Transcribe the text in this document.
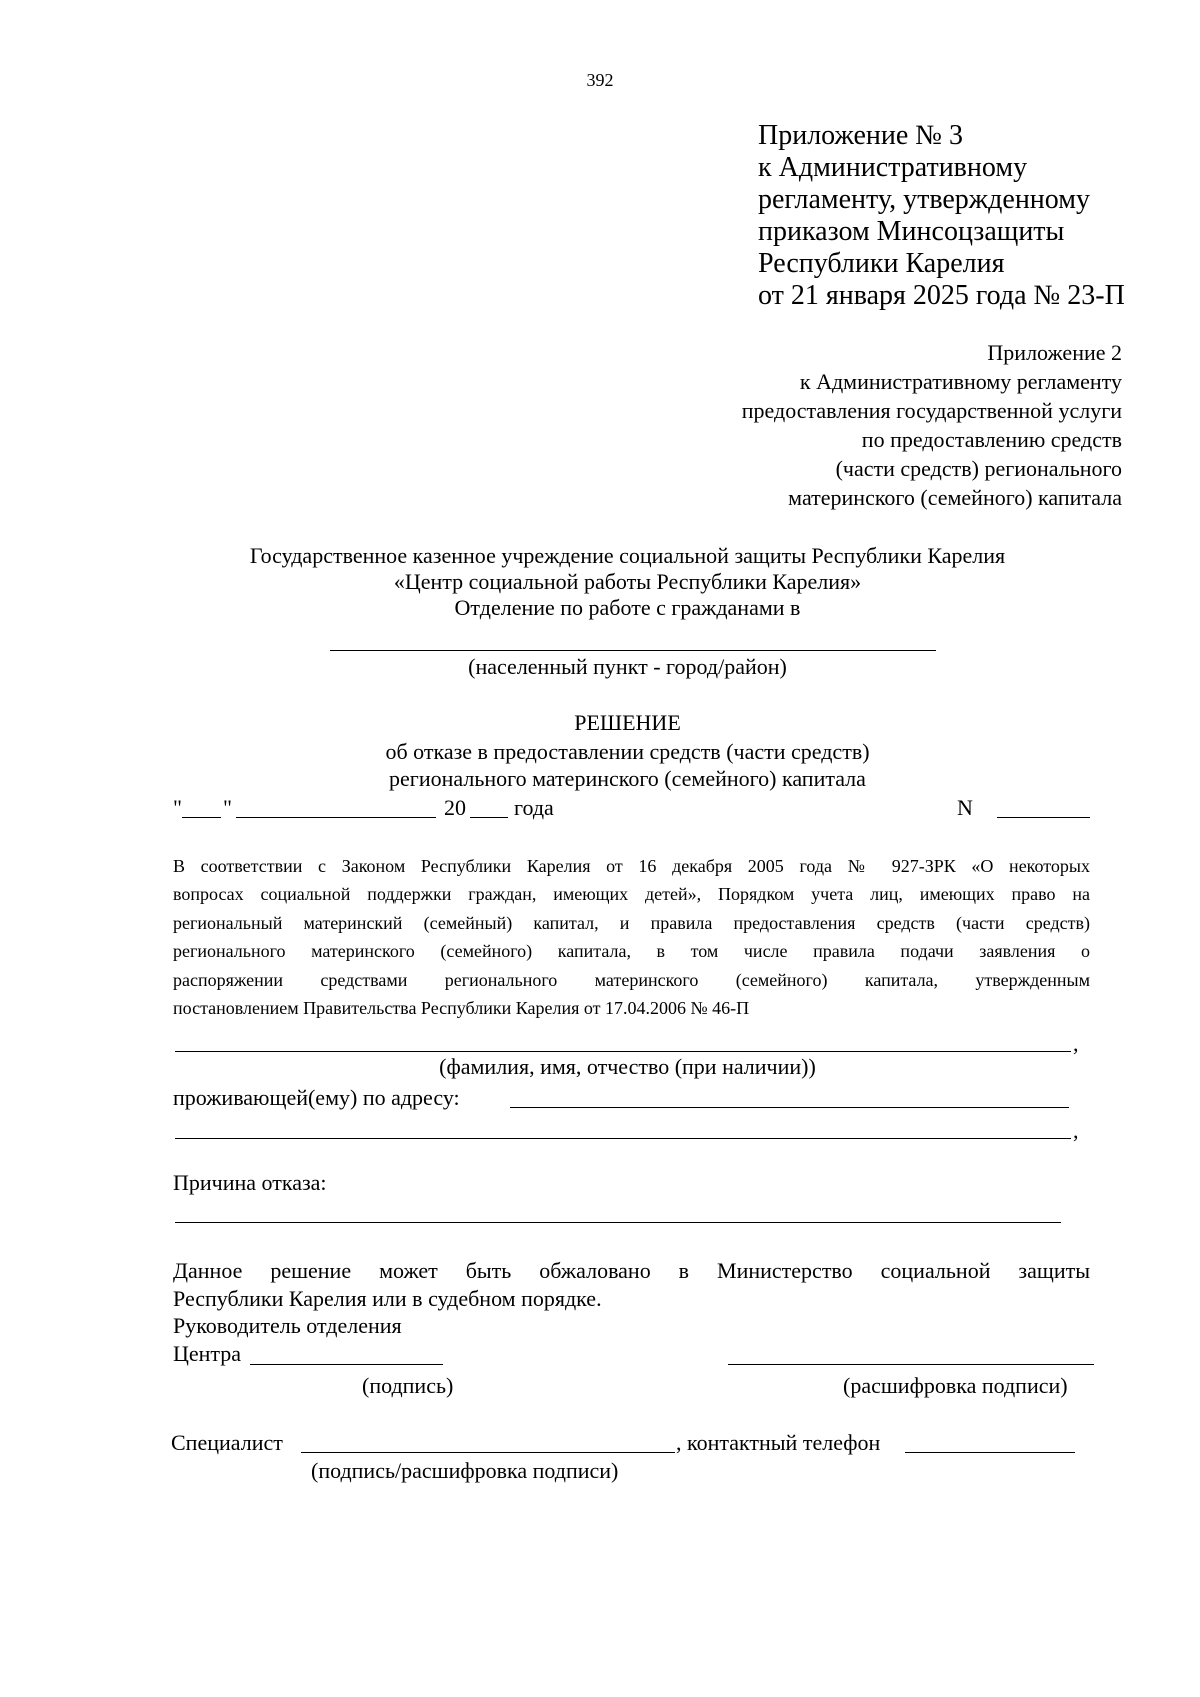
392
Приложение № 3
к Административному
регламенту, утвержденному
приказом Минсоцзащиты
Республики Карелия
от 21 января 2025 года № 23-П
Приложение 2
к Административному регламенту
предоставления государственной услуги
по предоставлению средств
(части средств) регионального
материнского (семейного) капитала
Государственное казенное учреждение социальной защиты Республики Карелия
«Центр социальной работы Республики Карелия»
Отделение по работе с гражданами в
(населенный пункт - город/район)
РЕШЕНИЕ
об отказе в предоставлении средств (части средств)
регионального материнского (семейного) капитала
" "	20 года	N
В соответствии с Законом Республики Карелия от 16 декабря 2005 года № 927-ЗРК «О некоторых
вопросах социальной поддержки граждан, имеющих детей», Порядком учета лиц, имеющих право на
региональный материнский (семейный) капитал, и правила предоставления средств (части средств)
регионального материнского (семейного) капитала, в том числе правила подачи заявления о
распоряжении средствами регионального материнского (семейного) капитала, утвержденным
постановлением Правительства Республики Карелия от 17.04.2006 № 46-П
,
(фамилия, имя, отчество (при наличии))
проживающей(ему) по адресу:
,
Причина отказа:
Данное решение может быть обжаловано в Министерство социальной защиты
Республики Карелия или в судебном порядке.
Руководитель отделения
Центра
(подпись)	(расшифровка подписи)
Специалист	, контактный телефон
(подпись/расшифровка подписи)
